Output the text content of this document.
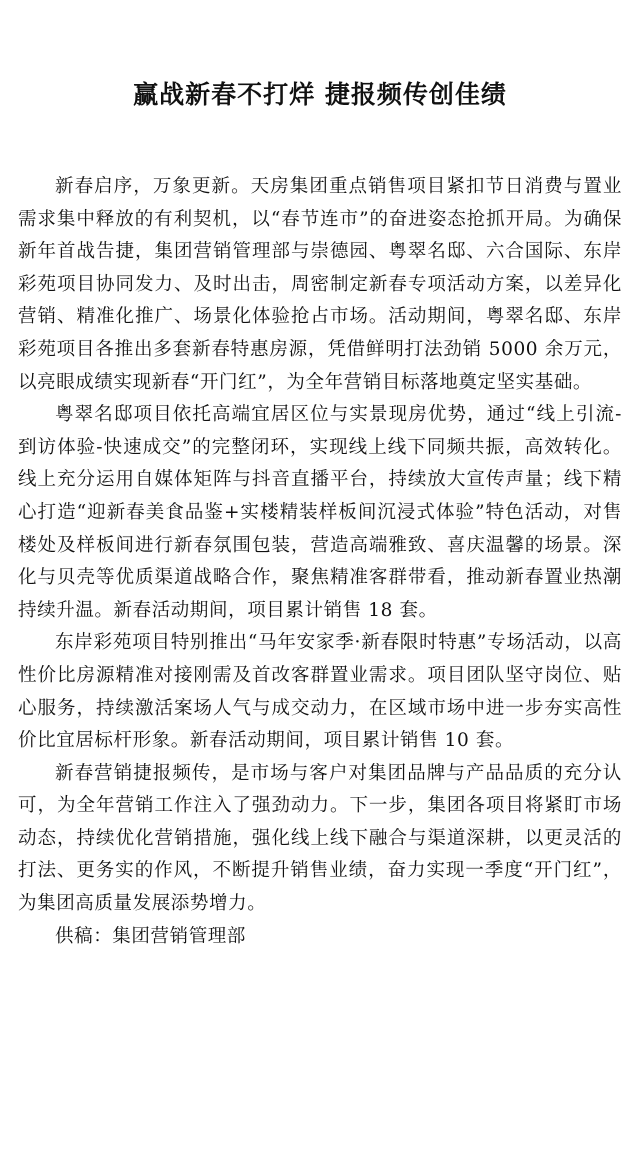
赢战新春不打烊 捷报频传创佳绩

新春启序，万象更新。天房集团重点销售项目紧扣节日消费与置业需求集中释放的有利契机，以“春节连市”的奋进姿态抢抓开局。为确保新年首战告捷，集团营销管理部与崇德园、粤翠名邸、六合国际、东岸彩苑项目协同发力、及时出击，周密制定新春专项活动方案，以差异化营销、精准化推广、场景化体验抢占市场。活动期间，粤翠名邸、东岸彩苑项目各推出多套新春特惠房源，凭借鲜明打法劲销 5000 余万元，以亮眼成绩实现新春“开门红”，为全年营销目标落地奠定坚实基础。

粤翠名邸项目依托高端宜居区位与实景现房优势，通过“线上引流-到访体验-快速成交”的完整闭环，实现线上线下同频共振，高效转化。线上充分运用自媒体矩阵与抖音直播平台，持续放大宣传声量；线下精心打造“迎新春美食品鉴+实楼精装样板间沉浸式体验”特色活动，对售楼处及样板间进行新春氛围包装，营造高端雅致、喜庆温馨的场景。深化与贝壳等优质渠道战略合作，聚焦精准客群带看，推动新春置业热潮持续升温。新春活动期间，项目累计销售 18 套。

东岸彩苑项目特别推出“马年安家季·新春限时特惠”专场活动，以高性价比房源精准对接刚需及首改客群置业需求。项目团队坚守岗位、贴心服务，持续激活案场人气与成交动力，在区域市场中进一步夯实高性价比宜居标杆形象。新春活动期间，项目累计销售 10 套。

新春营销捷报频传，是市场与客户对集团品牌与产品品质的充分认可，为全年营销工作注入了强劲动力。下一步，集团各项目将紧盯市场动态，持续优化营销措施，强化线上线下融合与渠道深耕，以更灵活的打法、更务实的作风，不断提升销售业绩，奋力实现一季度“开门红”，为集团高质量发展添势增力。

供稿：集团营销管理部
